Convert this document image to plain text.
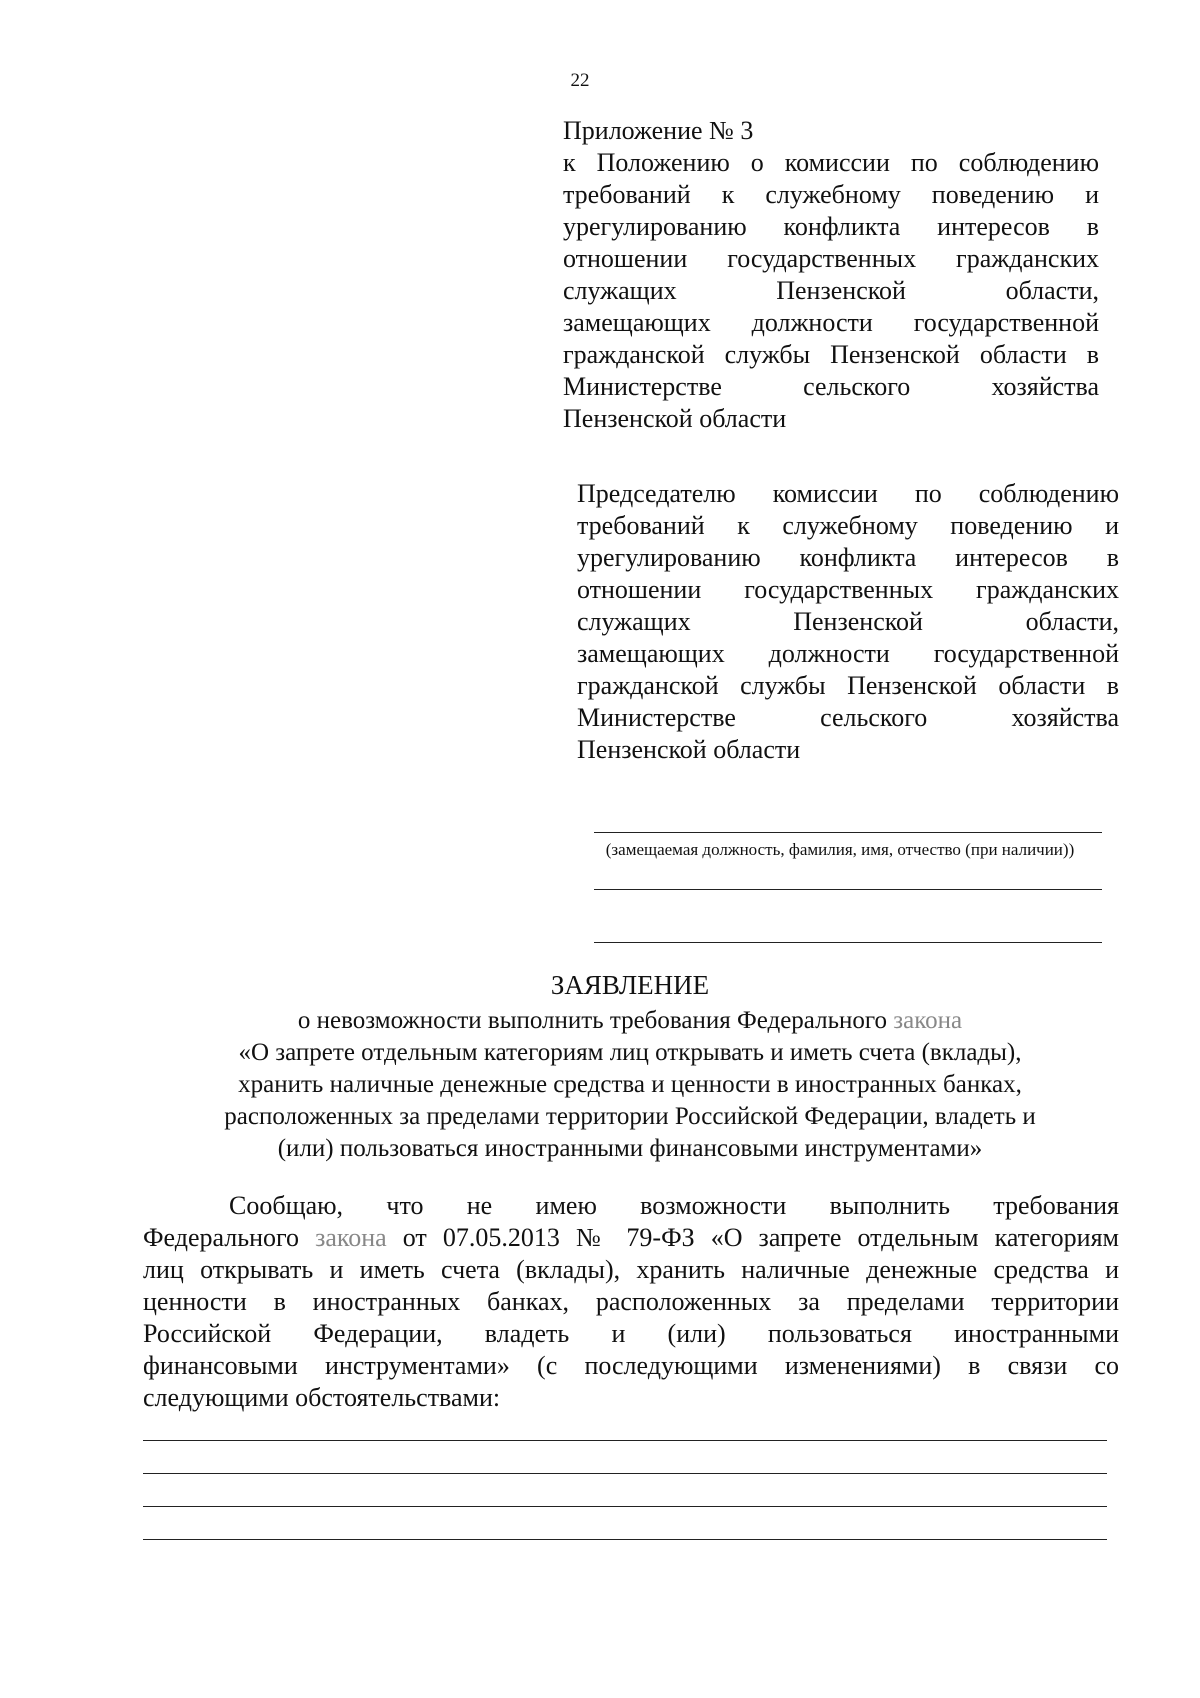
22
Приложение № 3
к Положению о комиссии по соблюдению
требований к служебному поведению и
урегулированию конфликта интересов в
отношении государственных гражданских
служащих Пензенской области,
замещающих должности государственной
гражданской службы Пензенской области в
Министерстве сельского хозяйства
Пензенской области
Председателю комиссии по соблюдению
требований к служебному поведению и
урегулированию конфликта интересов в
отношении государственных гражданских
служащих Пензенской области,
замещающих должности государственной
гражданской службы Пензенской области в
Министерстве сельского хозяйства
Пензенской области
(замещаемая должность, фамилия, имя, отчество (при наличии))
ЗАЯВЛЕНИЕ
о невозможности выполнить требования Федерального закона
«О запрете отдельным категориям лиц открывать и иметь счета (вклады),
хранить наличные денежные средства и ценности в иностранных банках,
расположенных за пределами территории Российской Федерации, владеть и
(или) пользоваться иностранными финансовыми инструментами»
Сообщаю, что не имею возможности выполнить требования
Федерального закона от 07.05.2013 № 79-ФЗ «О запрете отдельным категориям
лиц открывать и иметь счета (вклады), хранить наличные денежные средства и
ценности в иностранных банках, расположенных за пределами территории
Российской Федерации, владеть и (или) пользоваться иностранными
финансовыми инструментами» (с последующими изменениями) в связи со
следующими обстоятельствами:
